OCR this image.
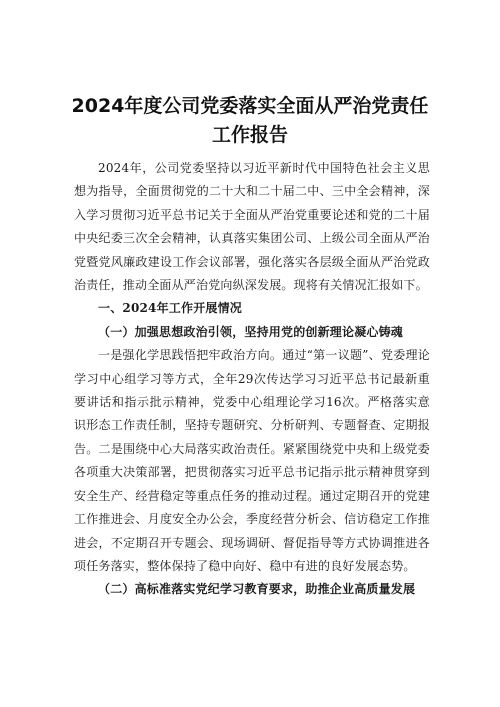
2024年度公司党委落实全面从严治党责任工作报告

2024年，公司党委坚持以习近平新时代中国特色社会主义思想为指导，全面贯彻党的二十大和二十届二中、三中全会精神，深入学习贯彻习近平总书记关于全面从严治党重要论述和党的二十届中央纪委三次全会精神，认真落实集团公司、上级公司全面从严治党暨党风廉政建设工作会议部署，强化落实各层级全面从严治党政治责任，推动全面从严治党向纵深发展。现将有关情况汇报如下。

一、2024年工作开展情况

（一）加强思想政治引领，坚持用党的创新理论凝心铸魂

一是强化学思践悟把牢政治方向。通过“第一议题”、党委理论学习中心组学习等方式，全年29次传达学习习近平总书记最新重要讲话和指示批示精神，党委中心组理论学习16次。严格落实意识形态工作责任制，坚持专题研究、分析研判、专题督查、定期报告。二是围绕中心大局落实政治责任。紧紧围绕党中央和上级党委各项重大决策部署，把贯彻落实习近平总书记指示批示精神贯穿到安全生产、经营稳定等重点任务的推动过程。通过定期召开的党建工作推进会、月度安全办公会，季度经营分析会、信访稳定工作推进会，不定期召开专题会、现场调研、督促指导等方式协调推进各项任务落实，整体保持了稳中向好、稳中有进的良好发展态势。

（二）高标准落实党纪学习教育要求，助推企业高质量发展
